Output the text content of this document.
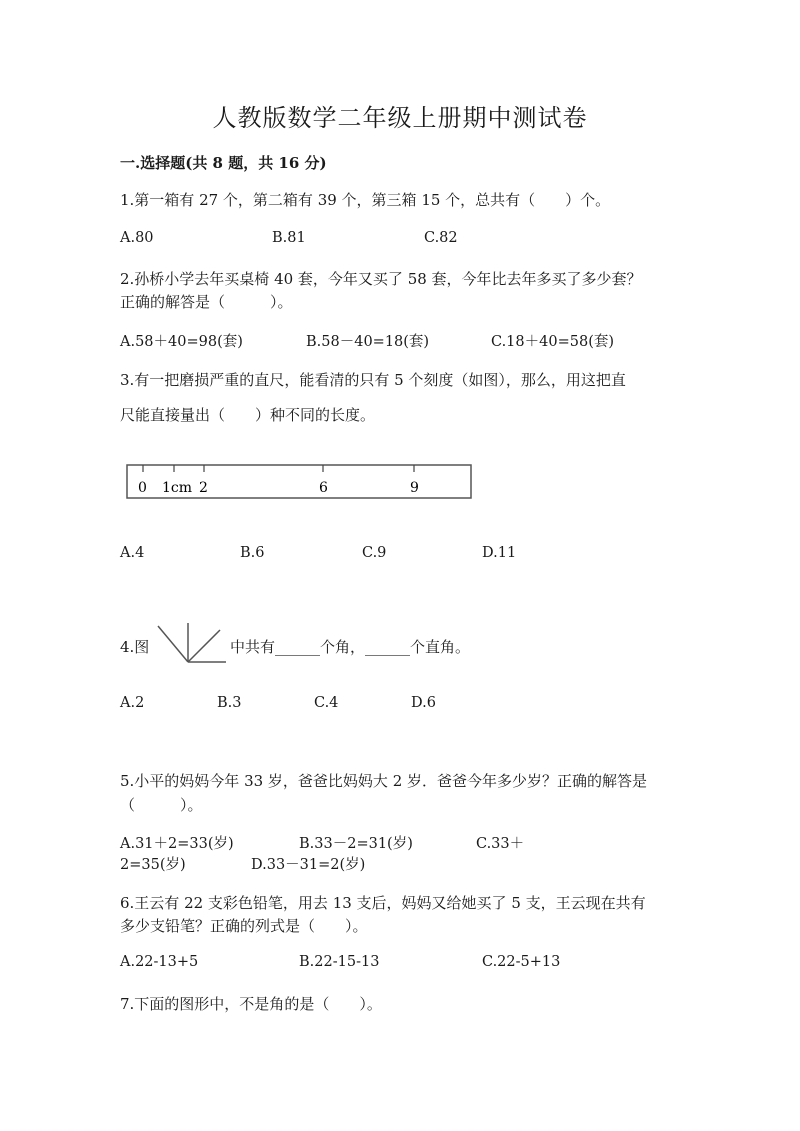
人教版数学二年级上册期中测试卷
一.选择题(共 8 题，共 16 分)
1.第一箱有 27 个，第二箱有 39 个，第三箱 15 个，总共有（　　）个。
A.80	B.81	C.82
2.孙桥小学去年买桌椅 40 套，今年又买了 58 套，今年比去年多买了多少套？
正确的解答是（　　　）。
A.58＋40=98(套)	B.58－40=18(套)	C.18＋40=58(套)
3.有一把磨损严重的直尺，能看清的只有 5 个刻度（如图），那么，用这把直
尺能直接量出（　　）种不同的长度。
0 1cm 2	6	9
A.4	B.6	C.9	D.11
4.图	中共有______个角，______个直角。
A.2	B.3	C.4	D.6
5.小平的妈妈今年 33 岁，爸爸比妈妈大 2 岁．爸爸今年多少岁？正确的解答是
（　　　）。
A.31＋2=33(岁)	B.33－2=31(岁)	C.33＋
2=35(岁)	D.33－31=2(岁)
6.王云有 22 支彩色铅笔，用去 13 支后，妈妈又给她买了 5 支，王云现在共有
多少支铅笔？正确的列式是（　　）。
A.22-13+5	B.22-15-13	C.22-5+13
7.下面的图形中，不是角的是（　　）。
